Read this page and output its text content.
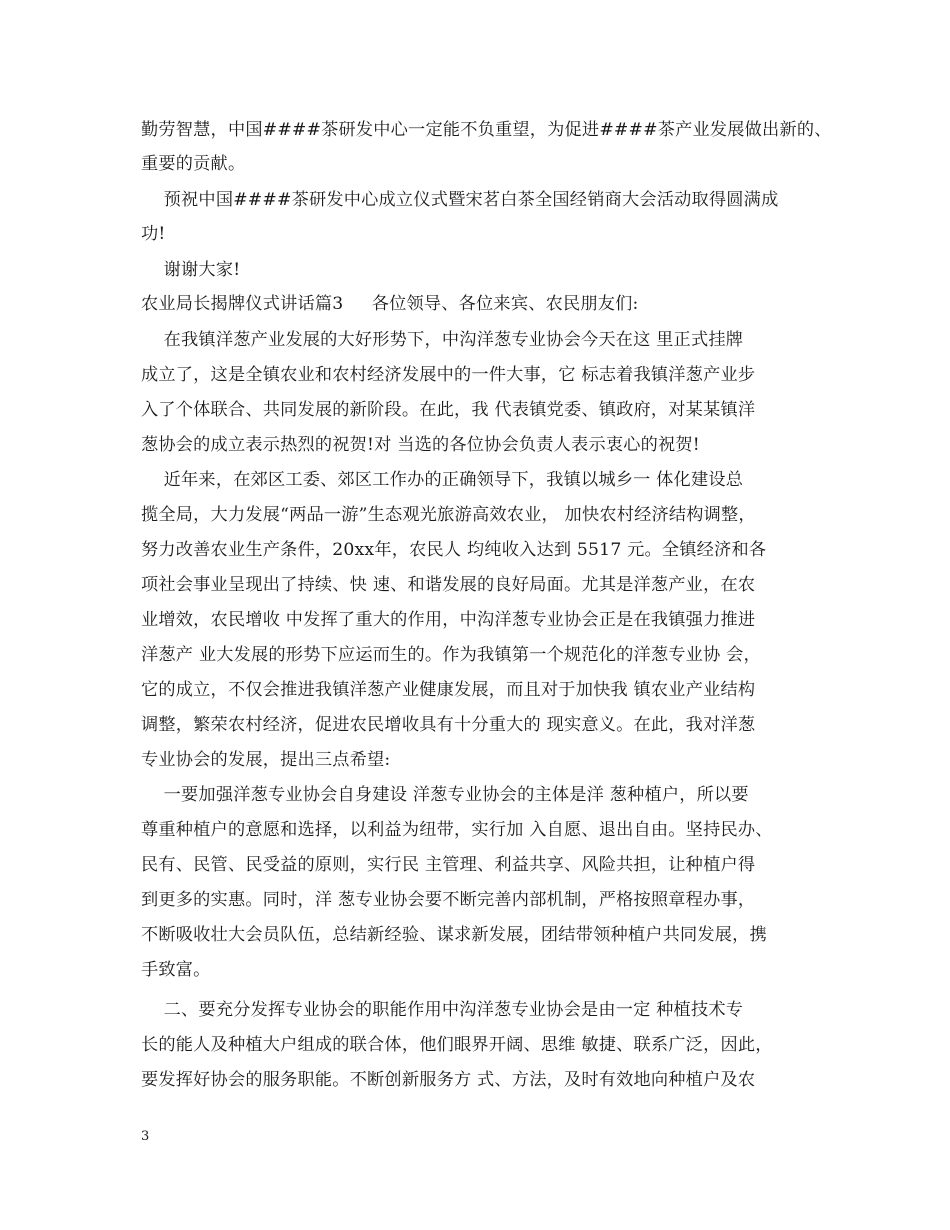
勤劳智慧，中国####茶研发中心一定能不负重望，为促进####茶产业发展做出新的、
重要的贡献。
预祝中国####茶研发中心成立仪式暨宋茗白茶全国经销商大会活动取得圆满成
功!
谢谢大家!
农业局长揭牌仪式讲话篇3     各位领导、各位来宾、农民朋友们:
在我镇洋葱产业发展的大好形势下，中沟洋葱专业协会今天在这 里正式挂牌
成立了，这是全镇农业和农村经济发展中的一件大事，它 标志着我镇洋葱产业步
入了个体联合、共同发展的新阶段。在此，我 代表镇党委、镇政府，对某某镇洋
葱协会的成立表示热烈的祝贺!对 当选的各位协会负责人表示衷心的祝贺!
近年来，在郊区工委、郊区工作办的正确领导下，我镇以城乡一 体化建设总
揽全局，大力发展“两品一游”生态观光旅游高效农业， 加快农村经济结构调整，
努力改善农业生产条件，20xx年，农民人 均纯收入达到 5517 元。全镇经济和各
项社会事业呈现出了持续、快 速、和谐发展的良好局面。尤其是洋葱产业，在农
业增效，农民增收 中发挥了重大的作用，中沟洋葱专业协会正是在我镇强力推进
洋葱产 业大发展的形势下应运而生的。作为我镇第一个规范化的洋葱专业协 会，
它的成立，不仅会推进我镇洋葱产业健康发展，而且对于加快我 镇农业产业结构
调整，繁荣农村经济，促进农民增收具有十分重大的 现实意义。在此，我对洋葱
专业协会的发展，提出三点希望:
一要加强洋葱专业协会自身建设 洋葱专业协会的主体是洋 葱种植户，所以要
尊重种植户的意愿和选择，以利益为纽带，实行加 入自愿、退出自由。坚持民办、
民有、民管、民受益的原则，实行民 主管理、利益共享、风险共担，让种植户得
到更多的实惠。同时，洋 葱专业协会要不断完善内部机制，严格按照章程办事，
不断吸收壮大会员队伍，总结新经验、谋求新发展，团结带领种植户共同发展，携
手致富。
二、要充分发挥专业协会的职能作用中沟洋葱专业协会是由一定 种植技术专
长的能人及种植大户组成的联合体，他们眼界开阔、思维 敏捷、联系广泛，因此，
要发挥好协会的服务职能。不断创新服务方 式、方法，及时有效地向种植户及农
3
